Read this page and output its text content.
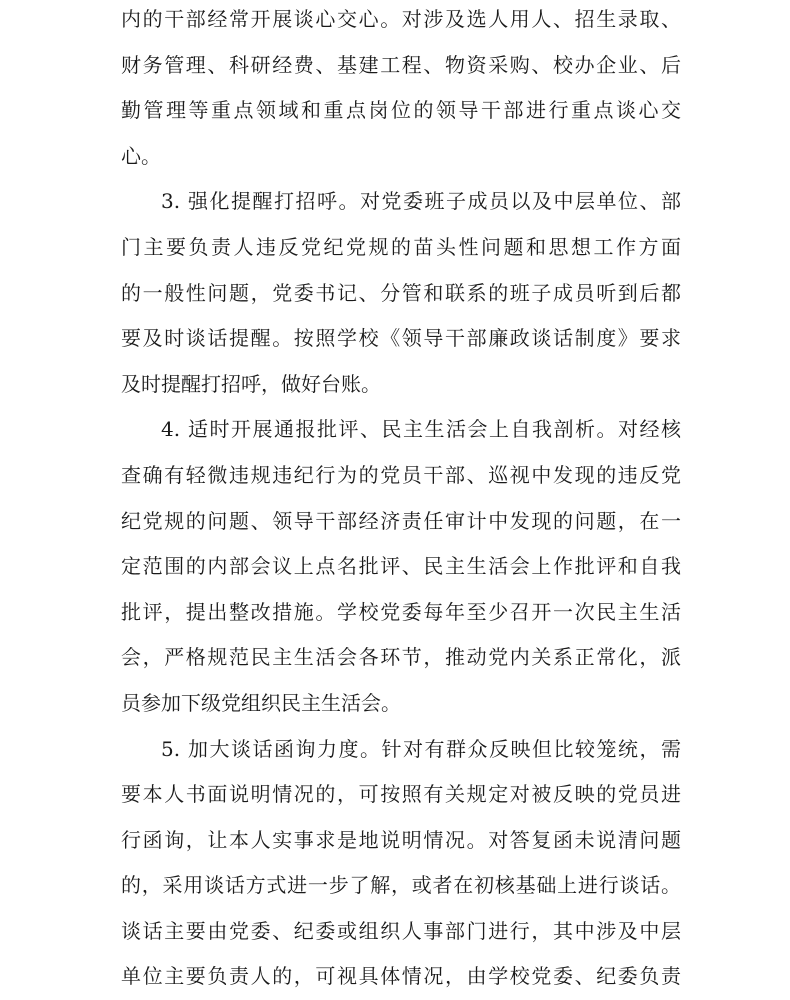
内的干部经常开展谈心交心。对涉及选人用人、招生录取、
财务管理、科研经费、基建工程、物资采购、校办企业、后
勤管理等重点领域和重点岗位的领导干部进行重点谈心交
心。
3. 强化提醒打招呼。对党委班子成员以及中层单位、部
门主要负责人违反党纪党规的苗头性问题和思想工作方面
的一般性问题，党委书记、分管和联系的班子成员听到后都
要及时谈话提醒。按照学校《领导干部廉政谈话制度》要求
及时提醒打招呼，做好台账。
4. 适时开展通报批评、民主生活会上自我剖析。对经核
查确有轻微违规违纪行为的党员干部、巡视中发现的违反党
纪党规的问题、领导干部经济责任审计中发现的问题，在一
定范围的内部会议上点名批评、民主生活会上作批评和自我
批评，提出整改措施。学校党委每年至少召开一次民主生活
会，严格规范民主生活会各环节，推动党内关系正常化，派
员参加下级党组织民主生活会。
5. 加大谈话函询力度。针对有群众反映但比较笼统，需
要本人书面说明情况的，可按照有关规定对被反映的党员进
行函询，让本人实事求是地说明情况。对答复函未说清问题
的，采用谈话方式进一步了解，或者在初核基础上进行谈话。
谈话主要由党委、纪委或组织人事部门进行，其中涉及中层
单位主要负责人的，可视具体情况，由学校党委、纪委负责
